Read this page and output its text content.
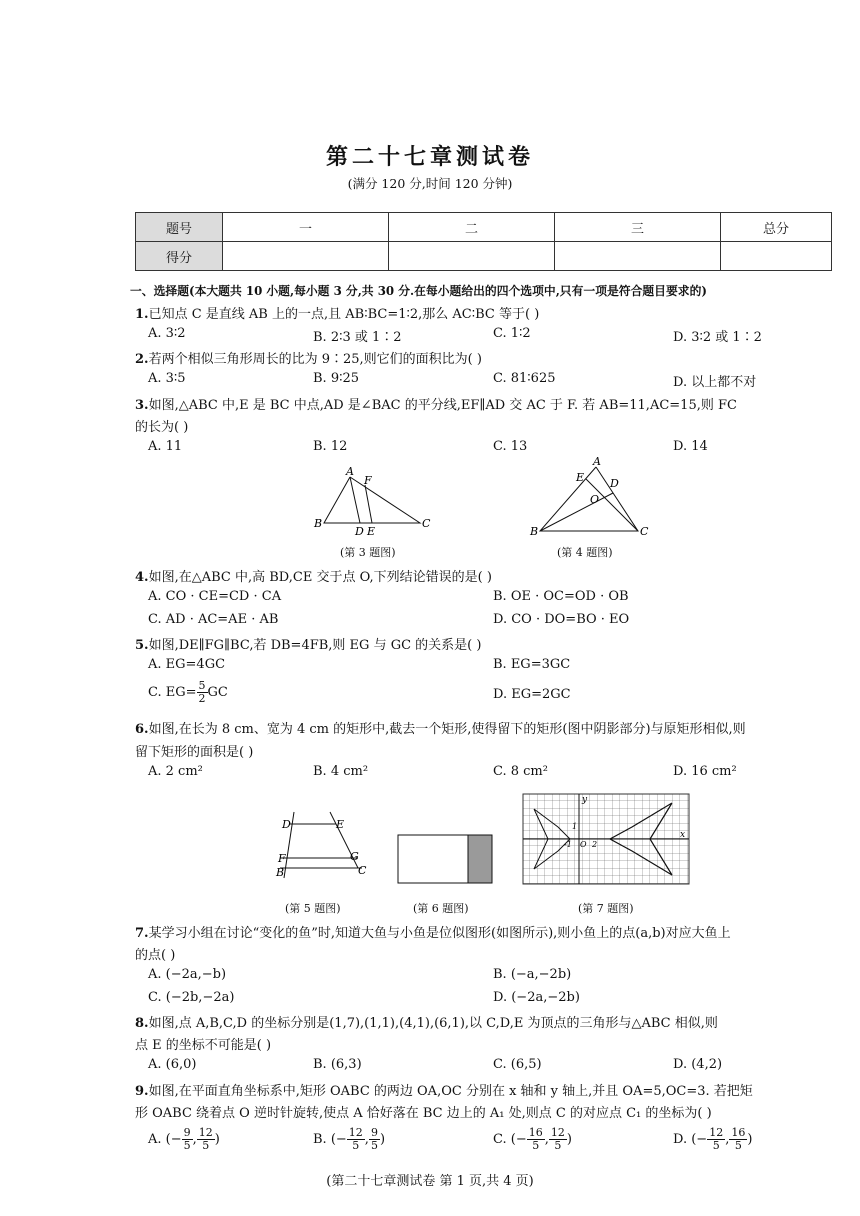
第二十七章测试卷
(满分 120 分,时间 120 分钟)
题号	一	二	三	总分
得分				
一、选择题(本大题共 10 小题,每小题 3 分,共 30 分.在每小题给出的四个选项中,只有一项是符合题目要求的)
1.已知点 C 是直线 AB 上的一点,且 AB∶BC=1∶2,那么 AC∶BC 等于( )
A. 3∶2	B. 2∶3 或 1∶2	C. 1∶2	D. 3∶2 或 1∶2
2.若两个相似三角形周长的比为 9∶25,则它们的面积比为( )
A. 3∶5	B. 9∶25	C. 81∶625	D. 以上都不对
3.如图,△ABC 中,E 是 BC 中点,AD 是∠BAC 的平分线,EF∥AD 交 AC 于 F. 若 AB=11,AC=15,则 FC
的长为( )
A. 11	B. 12	C. 13	D. 14
A
F
B
D E
C
(第 3 题图)
A
E D
O
B	C
(第 4 题图)
4.如图,在△ABC 中,高 BD,CE 交于点 O,下列结论错误的是( )
A. CO · CE=CD · CA	B. OE · OC=OD · OB
C. AD · AC=AE · AB	D. CO · DO=BO · EO
5.如图,DE∥FG∥BC,若 DB=4FB,则 EG 与 GC 的关系是( )
A. EG=4GC	B. EG=3GC
C. $EG= \frac{5}{2}$ GC	D. EG=2GC
6.如图,在长为 8 cm、宽为 4 cm 的矩形中,截去一个矩形,使得留下的矩形(图中阴影部分)与原矩形相似,则
留下矩形的面积是( )
A. 2 cm²	B. 4 cm²	C. 8 cm²	D. 16 cm²
D	E
F	G
B	C
(第 5 题图)	(第 6 题图)
y
x
1
-1 O 2
(第 7 题图)
7.某学习小组在讨论“变化的鱼”时,知道大鱼与小鱼是位似图形(如图所示),则小鱼上的点(a,b)对应大鱼上
的点( )
A. (−2a,−b)	B. (−a,−2b)
C. (−2b,−2a)	D. (−2a,−2b)
8.如图,点 A,B,C,D 的坐标分别是(1,7),(1,1),(4,1),(6,1),以 C,D,E 为顶点的三角形与△ABC 相似,则
点 E 的坐标不可能是( )
A. (6,0)	B. (6,3)	C. (6,5)	D. (4,2)
9.如图,在平面直角坐标系中,矩形 OABC 的两边 OA,OC 分别在 x 轴和 y 轴上,并且 OA=5,OC=3. 若把矩
形 OABC 绕着点 O 逆时针旋转,使点 A 恰好落在 BC 边上的 A₁ 处,则点 C 的对应点 C₁ 的坐标为( )
A. (− $\frac{9}{5}$ , $\frac{12}{5}$ )	B. (− $\frac{12}{5}$ , $\frac{9}{5}$ )	C. (− $\frac{16}{5}$ , $\frac{12}{5}$ )	D. (− $\frac{12}{5}$ , $\frac{16}{5}$ )
(第二十七章测试卷 第 1 页,共 4 页)
